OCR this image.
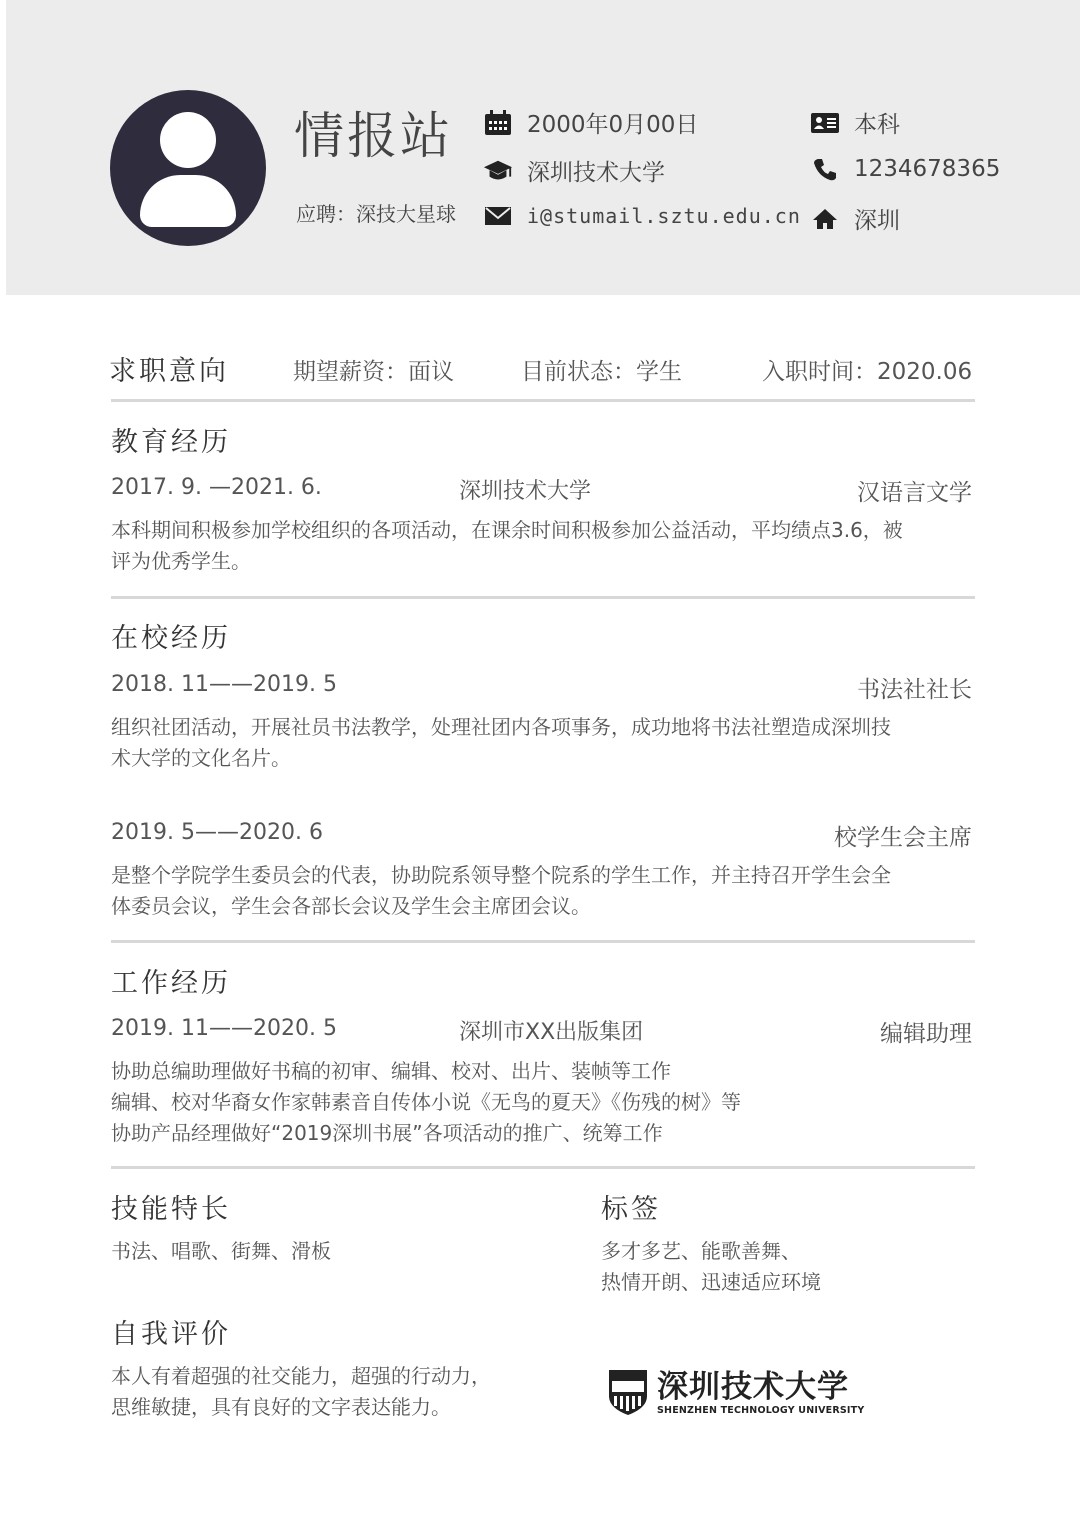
情报站
应聘：深技大星球
2000年0月00日
深圳技术大学
i@stumail.sztu.edu.cn
本科
1234678365
深圳
求职意向	期望薪资：面议	目前状态：学生	入职时间：2020.06
教育经历
2017. 9. —2021. 6.	深圳技术大学	汉语言文学
本科期间积极参加学校组织的各项活动，在课余时间积极参加公益活动，平均绩点3.6，被
评为优秀学生。
在校经历
2018. 11——2019. 5	书法社社长
组织社团活动，开展社员书法教学，处理社团内各项事务，成功地将书法社塑造成深圳技
术大学的文化名片。
2019. 5——2020. 6	校学生会主席
是整个学院学生委员会的代表，协助院系领导整个院系的学生工作，并主持召开学生会全
体委员会议，学生会各部长会议及学生会主席团会议。
工作经历
2019. 11——2020. 5	深圳市XX出版集团	编辑助理
协助总编助理做好书稿的初审、编辑、校对、出片、装帧等工作
编辑、校对华裔女作家韩素音自传体小说《无鸟的夏天》《伤残的树》等
协助产品经理做好“2019深圳书展”各项活动的推广、统筹工作
技能特长
书法、唱歌、街舞、滑板
标签
多才多艺、能歌善舞、
热情开朗、迅速适应环境
自我评价
本人有着超强的社交能力，超强的行动力，
思维敏捷，具有良好的文字表达能力。
深圳技术大学
SHENZHEN TECHNOLOGY UNIVERSITY
